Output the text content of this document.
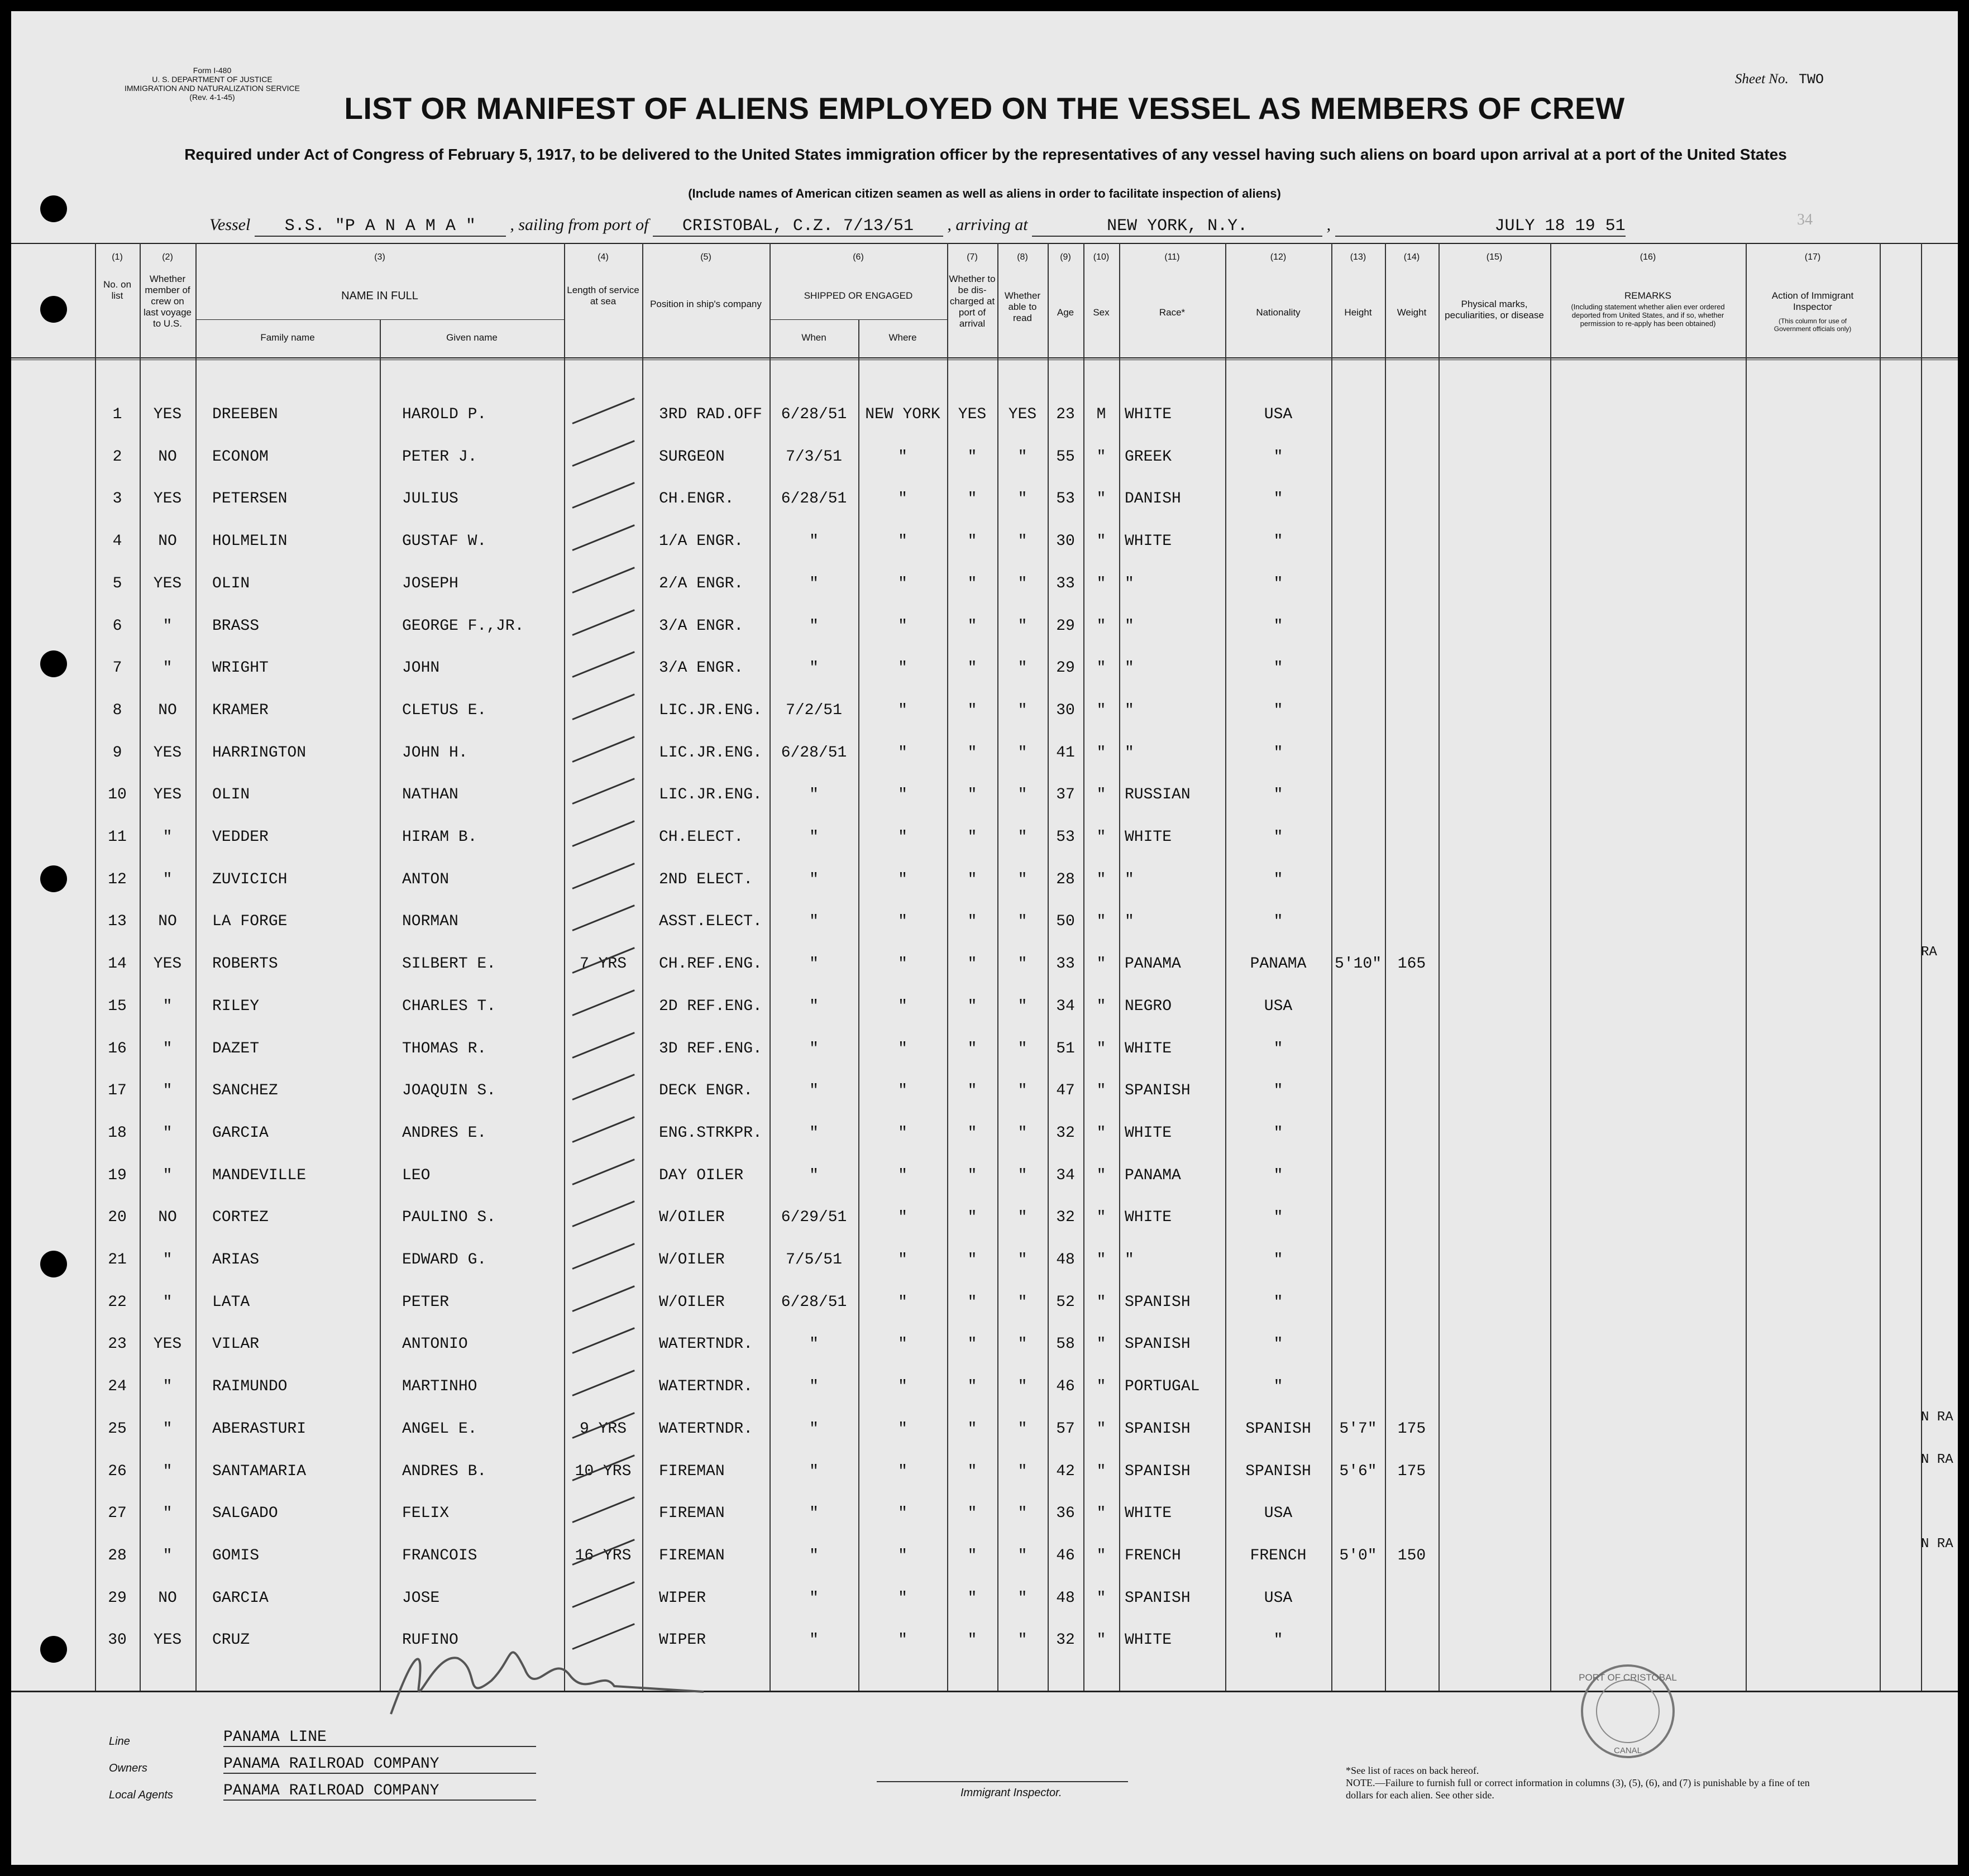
Form I-480
U. S. DEPARTMENT OF JUSTICE
IMMIGRATION AND NATURALIZATION SERVICE
(Rev. 4-1-45)
Sheet No. TWO
34
LIST OR MANIFEST OF ALIENS EMPLOYED ON THE VESSEL AS MEMBERS OF CREW
Required under Act of Congress of February 5, 1917, to be delivered to the United States immigration officer by the representatives of any vessel having such aliens on board upon arrival at a port of the United States
(Include names of American citizen seamen as well as aliens in order to facilitate inspection of aliens)
Vessel S.S. "P A N A M A " , sailing from port of CRISTOBAL, C.Z. 7/13/51 , arriving at	NEW YORK, N.Y.	,	JULY 18 19 51
(1)	(2)	(3)	(4)	(5)	(6)	(7)	(8)	(9)	(10)	(11)	(12)	(13)	(14)	(15)	(16)	(17)
No. on list
Whether member of crew on last voyage to U.S.
NAME IN FULL
Family name	Given name
Length of service at sea	Position in ship's company
SHIPPED OR ENGAGED
When	Where
Whether to be dis-charged at port of arrival
Whether able to read
Age	Sex	Race*	Nationality	Height	Weight
Physical marks, peculiarities, or disease
REMARKS
(Including statement whether alien ever ordered deported from United States, and if so, whether permission to re-apply has been obtained)
Action of Immigrant Inspector
(This column for use of Government officials only)
1	YES	DREEBEN	HAROLD P.	3RD RAD.OFF	6/28/51	NEW YORK	YES	YES	23	M	WHITE	USA
2	NO	ECONOM	PETER J.	SURGEON	7/3/51	"	"	"	55	"	GREEK	"
3	YES	PETERSEN	JULIUS	CH.ENGR.	6/28/51	"	"	"	53	"	DANISH	"
4	NO	HOLMELIN	GUSTAF W.	1/A ENGR.	"	"	"	"	30	"	WHITE	"
5	YES	OLIN	JOSEPH	2/A ENGR.	"	"	"	"	33	"	"	"
6	"	BRASS	GEORGE F.,JR.	3/A ENGR.	"	"	"	"	29	"	"	"
7	"	WRIGHT	JOHN	3/A ENGR.	"	"	"	"	29	"	"	"
8	NO	KRAMER	CLETUS E.	LIC.JR.ENG.	7/2/51	"	"	"	30	"	"	"
9	YES	HARRINGTON	JOHN H.	LIC.JR.ENG.	6/28/51	"	"	"	41	"	"	"
10	YES	OLIN	NATHAN	LIC.JR.ENG.	"	"	"	"	37	"	RUSSIAN	"
11	"	VEDDER	HIRAM B.	CH.ELECT.	"	"	"	"	53	"	WHITE	"
12	"	ZUVICICH	ANTON	2ND ELECT.	"	"	"	"	28	"	"	"
13	NO	LA FORGE	NORMAN	ASST.ELECT.	"	"	"	"	50	"	"	"
14	YES	ROBERTS	SILBERT E.	7 YRS	CH.REF.ENG.	"	"	"	"	33	"	PANAMA	PANAMA	5'10"	165
RA
15	"	RILEY	CHARLES T.	2D REF.ENG.	"	"	"	"	34	"	NEGRO	USA
16	"	DAZET	THOMAS R.	3D REF.ENG.	"	"	"	"	51	"	WHITE	"
17	"	SANCHEZ	JOAQUIN S.	DECK ENGR.	"	"	"	"	47	"	SPANISH	"
18	"	GARCIA	ANDRES E.	ENG.STRKPR.	"	"	"	"	32	"	WHITE	"
19	"	MANDEVILLE	LEO	DAY OILER	"	"	"	"	34	"	PANAMA	"
20	NO	CORTEZ	PAULINO S.	W/OILER	6/29/51	"	"	"	32	"	WHITE	"
21	"	ARIAS	EDWARD G.	W/OILER	7/5/51	"	"	"	48	"	"	"
22	"	LATA	PETER	W/OILER	6/28/51	"	"	"	52	"	SPANISH	"
23	YES	VILAR	ANTONIO	WATERTNDR.	"	"	"	"	58	"	SPANISH	"
24	"	RAIMUNDO	MARTINHO	WATERTNDR.	"	"	"	"	46	"	PORTUGAL	"
25	"	ABERASTURI	ANGEL E.	9 YRS	WATERTNDR.	"	"	"	"	57	"	SPANISH	SPANISH	5'7"	175
N RA
26	"	SANTAMARIA	ANDRES B.	10 YRS	FIREMAN	"	"	"	"	42	"	SPANISH	SPANISH	5'6"	175
N RA
27	"	SALGADO	FELIX	FIREMAN	"	"	"	"	36	"	WHITE	USA
28	"	GOMIS	FRANCOIS	16 YRS	FIREMAN	"	"	"	"	46	"	FRENCH	FRENCH	5'0"	150
N RA
29	NO	GARCIA	JOSE	WIPER	"	"	"	"	48	"	SPANISH	USA
30	YES	CRUZ	RUFINO	WIPER	"	"	"	"	32	"	WHITE	"
PORT OF CRISTOBAL
CANAL
Line	PANAMA LINE
Owners	PANAMA RAILROAD COMPANY
Local Agents	PANAMA RAILROAD COMPANY	Immigrant Inspector.
*See list of races on back hereof.
NOTE.—Failure to furnish full or correct information in columns (3), (5), (6), and (7) is punishable by a fine of ten dollars for each alien. See other side.
